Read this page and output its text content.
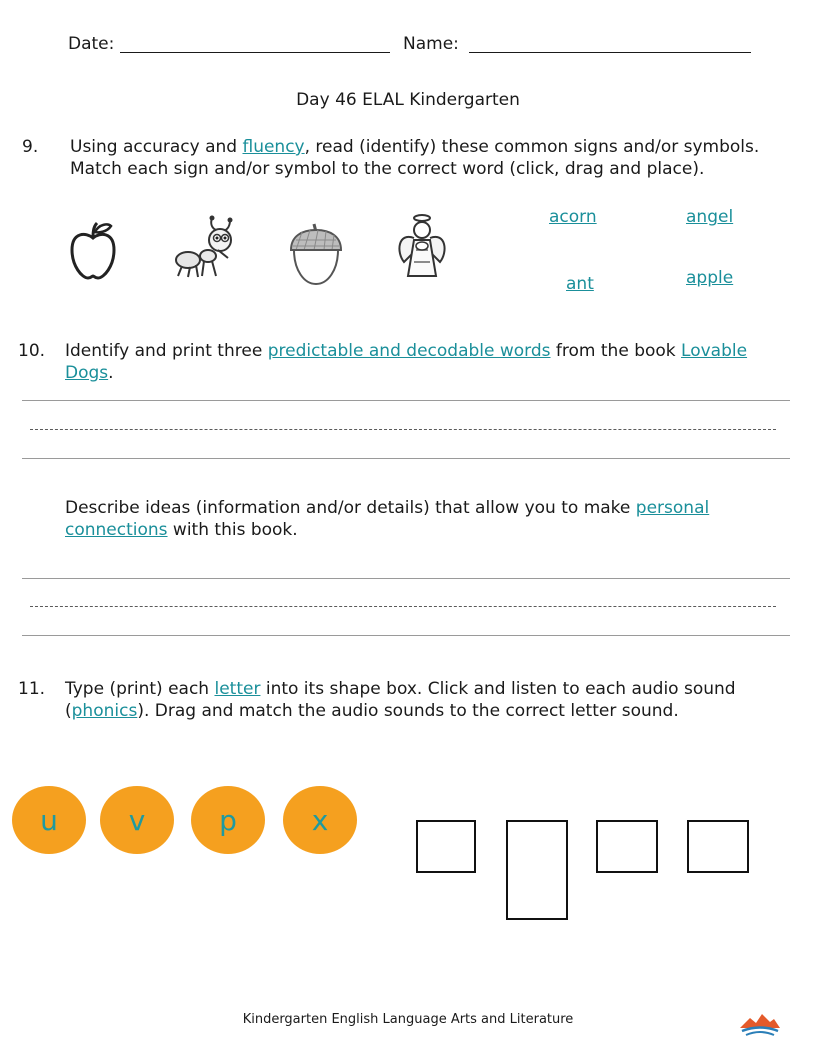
Date:	Name:
Day 46 ELAL Kindergarten
9. Using accuracy and fluency, read (identify) these common signs and/or symbols.
Match each sign and/or symbol to the correct word (click, drag and place).
acorn	angel
ant	apple
10. Identify and print three predictable and decodable words from the book Lovable
Dogs.
Describe ideas (information and/or details) that allow you to make personal
connections with this book.
11. Type (print) each letter into its shape box. Click and listen to each audio sound
(phonics). Drag and match the audio sounds to the correct letter sound.
u	v	p	x
Kindergarten English Language Arts and Literature
